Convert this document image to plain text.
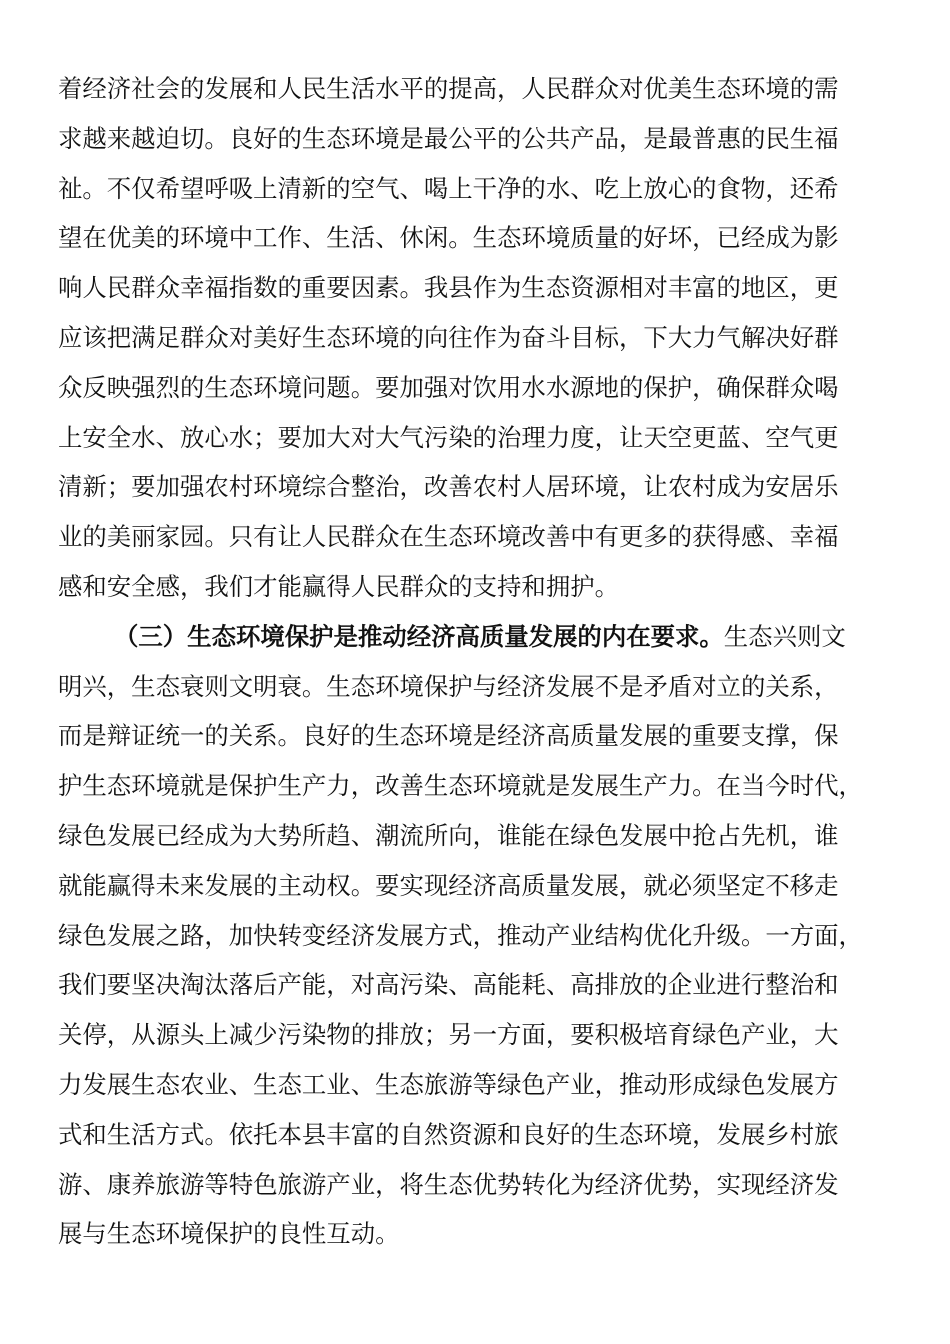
着经济社会的发展和人民生活水平的提高，人民群众对优美生态环境的需
求越来越迫切。良好的生态环境是最公平的公共产品，是最普惠的民生福
祉。不仅希望呼吸上清新的空气、喝上干净的水、吃上放心的食物，还希
望在优美的环境中工作、生活、休闲。生态环境质量的好坏，已经成为影
响人民群众幸福指数的重要因素。我县作为生态资源相对丰富的地区，更
应该把满足群众对美好生态环境的向往作为奋斗目标，下大力气解决好群
众反映强烈的生态环境问题。要加强对饮用水水源地的保护，确保群众喝
上安全水、放心水；要加大对大气污染的治理力度，让天空更蓝、空气更
清新；要加强农村环境综合整治，改善农村人居环境，让农村成为安居乐
业的美丽家园。只有让人民群众在生态环境改善中有更多的获得感、幸福
感和安全感，我们才能赢得人民群众的支持和拥护。
（三）生态环境保护是推动经济高质量发展的内在要求。生态兴则文
明兴，生态衰则文明衰。生态环境保护与经济发展不是矛盾对立的关系，
而是辩证统一的关系。良好的生态环境是经济高质量发展的重要支撑，保
护生态环境就是保护生产力，改善生态环境就是发展生产力。在当今时代，
绿色发展已经成为大势所趋、潮流所向，谁能在绿色发展中抢占先机，谁
就能赢得未来发展的主动权。要实现经济高质量发展，就必须坚定不移走
绿色发展之路，加快转变经济发展方式，推动产业结构优化升级。一方面，
我们要坚决淘汰落后产能，对高污染、高能耗、高排放的企业进行整治和
关停，从源头上减少污染物的排放；另一方面，要积极培育绿色产业，大
力发展生态农业、生态工业、生态旅游等绿色产业，推动形成绿色发展方
式和生活方式。依托本县丰富的自然资源和良好的生态环境，发展乡村旅
游、康养旅游等特色旅游产业，将生态优势转化为经济优势，实现经济发
展与生态环境保护的良性互动。
